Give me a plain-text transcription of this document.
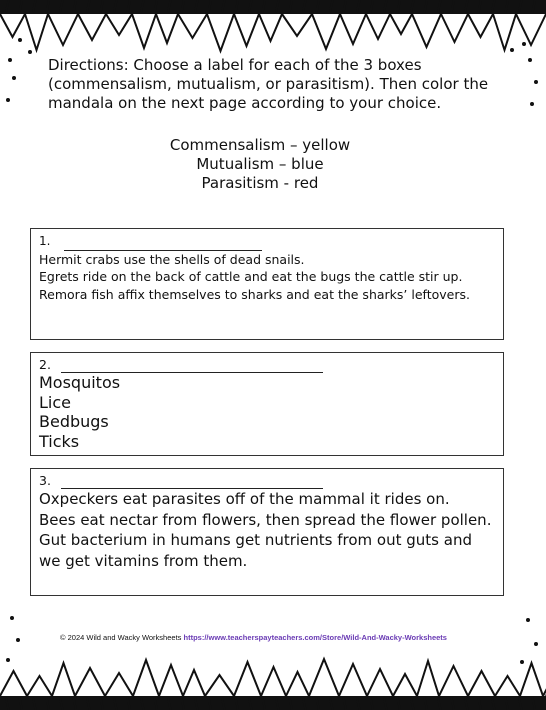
Directions: Choose a label for each of the 3 boxes (commensalism, mutualism, or parasitism). Then color the mandala on the next page according to your choice.
Commensalism – yellow
Mutualism – blue
Parasitism - red
1.
Hermit crabs use the shells of dead snails.
Egrets ride on the back of cattle and eat the bugs the cattle stir up.
Remora fish affix themselves to sharks and eat the sharks’ leftovers.
2.
Mosquitos
Lice
Bedbugs
Ticks
3.
Oxpeckers eat parasites off of the mammal it rides on.
Bees eat nectar from flowers, then spread the flower pollen.
Gut bacterium in humans get nutrients from out guts and we get vitamins from them.
© 2024 Wild and Wacky Worksheets https://www.teacherspayteachers.com/Store/Wild-And-Wacky-Worksheets
